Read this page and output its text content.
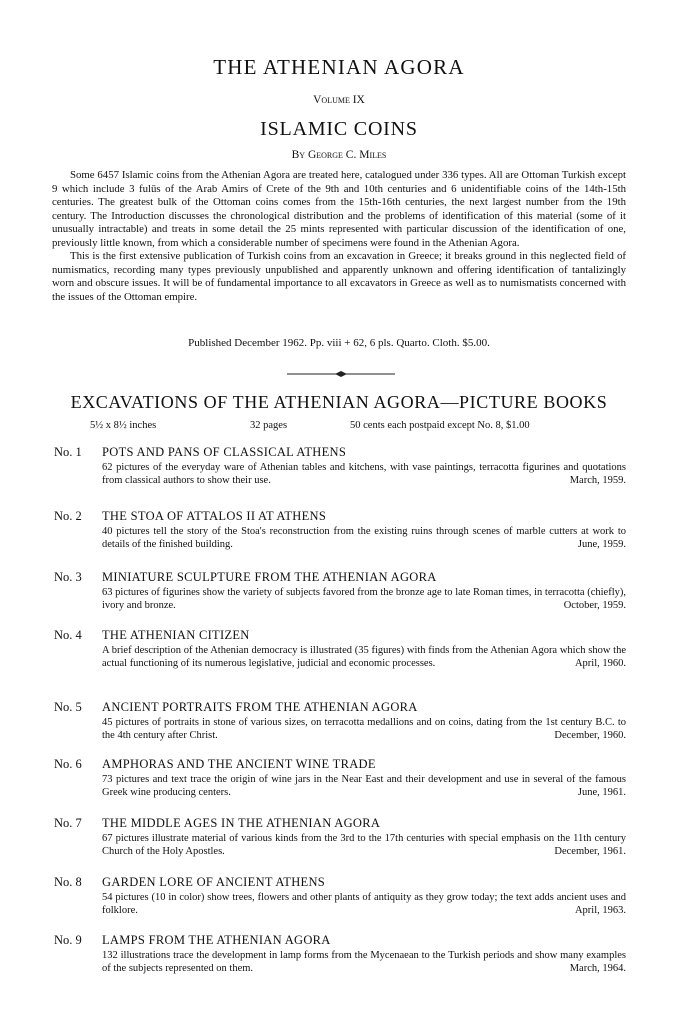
THE ATHENIAN AGORA
Volume IX
ISLAMIC COINS
By George C. Miles

Some 6457 Islamic coins from the Athenian Agora are treated here, catalogued under 336 types. All are Ottoman Turkish except 9 which include 3 fulūs of the Arab Amirs of Crete of the 9th and 10th centuries and 6 unidentifiable coins of the 14th-15th centuries. The greatest bulk of the Ottoman coins comes from the 15th-16th centuries, the next largest number from the 19th century. The Introduction discusses the chronological distribution and the problems of identification of this material (some of it unusually intractable) and treats in some detail the 25 mints represented with particular discussion of the identification of one, previously little known, from which a considerable number of specimens were found in the Athenian Agora.

This is the first extensive publication of Turkish coins from an excavation in Greece; it breaks ground in this neglected field of numismatics, recording many types previously unpublished and apparently unknown and offering identification of tantalizingly worn and obscure issues. It will be of fundamental importance to all excavators in Greece as well as to numismatists concerned with the issues of the Ottoman empire.

Published December 1962. Pp. viii + 62, 6 pls. Quarto. Cloth. $5.00.
EXCAVATIONS OF THE ATHENIAN AGORA—PICTURE BOOKS
5½ x 8½ inches	32 pages	50 cents each postpaid except No. 8, $1.00
No. 1 POTS AND PANS OF CLASSICAL ATHENS
62 pictures of the everyday ware of Athenian tables and kitchens, with vase paintings, terracotta figurines and quotations from classical authors to show their use.	March, 1959.
No. 2 THE STOA OF ATTALOS II AT ATHENS
40 pictures tell the story of the Stoa's reconstruction from the existing ruins through scenes of marble cutters at work to details of the finished building.	June, 1959.
No. 3 MINIATURE SCULPTURE FROM THE ATHENIAN AGORA
63 pictures of figurines show the variety of subjects favored from the bronze age to late Roman times, in terracotta (chiefly), ivory and bronze.	October, 1959.
No. 4 THE ATHENIAN CITIZEN
A brief description of the Athenian democracy is illustrated (35 figures) with finds from the Athenian Agora which show the actual functioning of its numerous legislative, judicial and economic processes.	April, 1960.
No. 5 ANCIENT PORTRAITS FROM THE ATHENIAN AGORA
45 pictures of portraits in stone of various sizes, on terracotta medallions and on coins, dating from the 1st century B.C. to the 4th century after Christ.	December, 1960.
No. 6 AMPHORAS AND THE ANCIENT WINE TRADE
73 pictures and text trace the origin of wine jars in the Near East and their development and use in several of the famous Greek wine producing centers.	June, 1961.
No. 7 THE MIDDLE AGES IN THE ATHENIAN AGORA
67 pictures illustrate material of various kinds from the 3rd to the 17th centuries with special emphasis on the 11th century Church of the Holy Apostles.	December, 1961.
No. 8 GARDEN LORE OF ANCIENT ATHENS
54 pictures (10 in color) show trees, flowers and other plants of antiquity as they grow today; the text adds ancient uses and folklore.	April, 1963.
No. 9 LAMPS FROM THE ATHENIAN AGORA
132 illustrations trace the development in lamp forms from the Mycenaean to the Turkish periods and show many examples of the subjects represented on them.	March, 1964.
